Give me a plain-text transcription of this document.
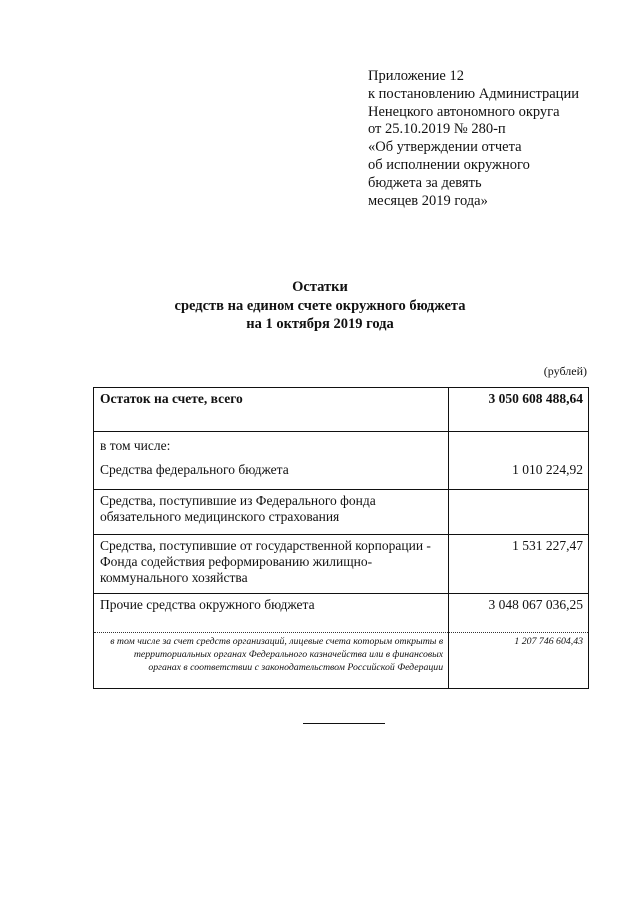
Приложение 12
к постановлению Администрации
Ненецкого автономного округа
от 25.10.2019 № 280-п
«Об утверждении отчета
об исполнении окружного
бюджета за девять
месяцев 2019 года»
Остатки
средств на едином счете окружного бюджета
на 1 октября 2019 года
(рублей)
Остаток на счете, всего	3 050 608 488,64
в том числе:	
Средства федерального бюджета	1 010 224,92
Средства, поступившие из Федерального фонда обязательного медицинского страхования	
Средства, поступившие от государственной корпорации - Фонда содействия реформированию жилищно-коммунального хозяйства	1 531 227,47
Прочие средства окружного бюджета	3 048 067 036,25
в том числе за счет средств организаций, лицевые счета которым открыты в территориальных органах Федерального казначейства или в финансовых органах в соответствии с законодательством Российской Федерации	1 207 746 604,43
